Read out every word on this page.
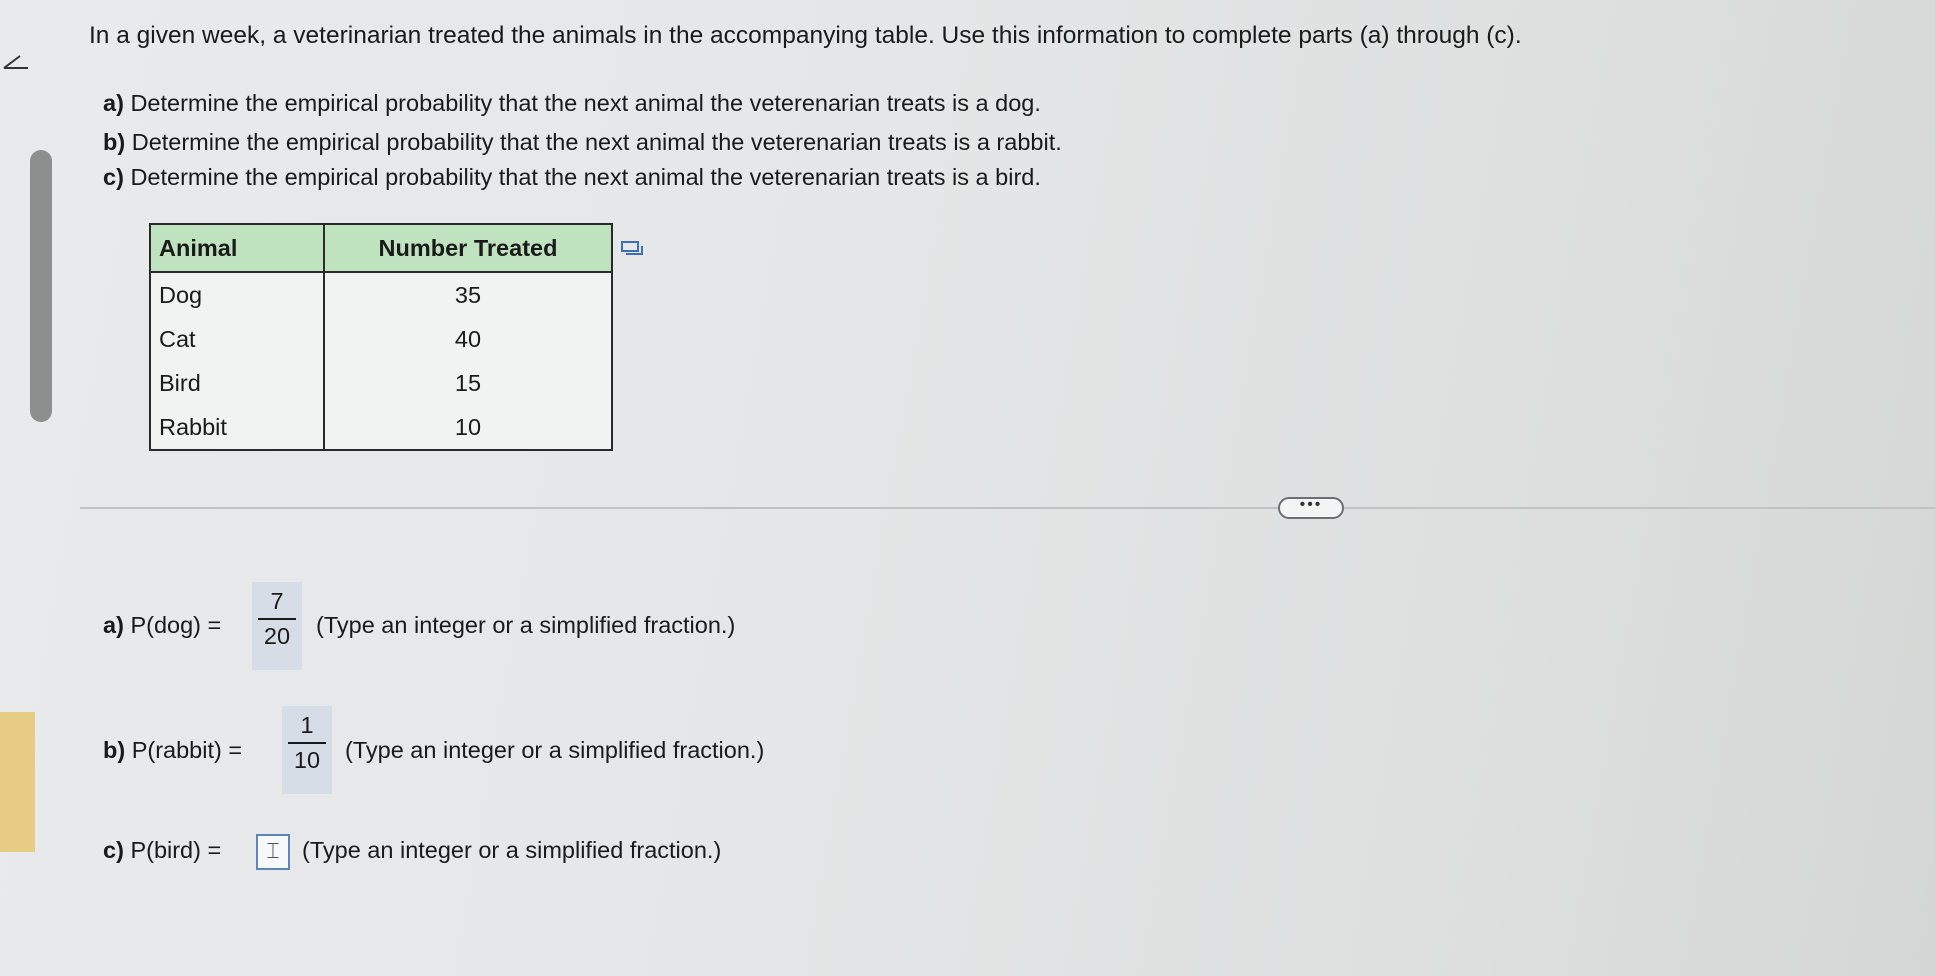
In a given week, a veterinarian treated the animals in the accompanying table. Use this information to complete parts (a) through (c).
a) Determine the empirical probability that the next animal the veterenarian treats is a dog.
b) Determine the empirical probability that the next animal the veterenarian treats is a rabbit.
c) Determine the empirical probability that the next animal the veterenarian treats is a bird.
Animal	Number Treated
Dog	35
Cat	40
Bird	15
Rabbit	10
•••
a) P(dog) =
7
20	(Type an integer or a simplified fraction.)
b) P(rabbit) =
1
10	(Type an integer or a simplified fraction.)
c) P(bird) =	⌶ (Type an integer or a simplified fraction.)
